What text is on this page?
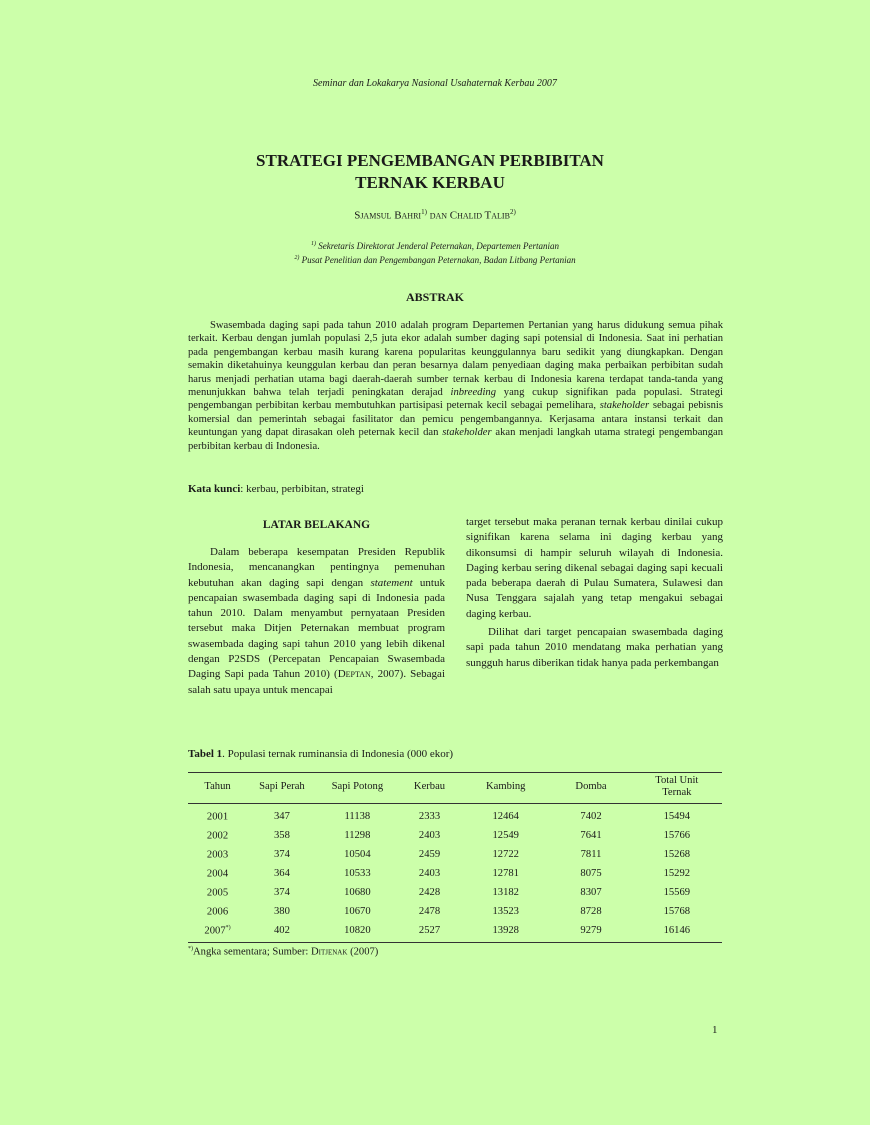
Seminar dan Lokakarya Nasional Usahaternak Kerbau 2007
STRATEGI PENGEMBANGAN PERBIBITAN
TERNAK KERBAU
Sjamsul Bahri$^{1)}$ dan Chalid Talib$^{2)}$
$^{1)}$ Sekretaris Direktorat Jenderal Peternakan, Departemen Pertanian
$^{2)}$ Pusat Penelitian dan Pengembangan Peternakan, Badan Litbang Pertanian
ABSTRAK

Swasembada daging sapi pada tahun 2010 adalah program Departemen Pertanian yang harus didukung semua pihak terkait. Kerbau dengan jumlah populasi 2,5 juta ekor adalah sumber daging sapi potensial di Indonesia. Saat ini perhatian pada pengembangan kerbau masih kurang karena popularitas keunggulannya baru sedikit yang diungkapkan. Dengan semakin diketahuinya keunggulan kerbau dan peran besarnya dalam penyediaan daging maka perbaikan perbibitan sudah harus menjadi perhatian utama bagi daerah-daerah sumber ternak kerbau di Indonesia karena terdapat tanda-tanda yang menunjukkan bahwa telah terjadi peningkatan derajad inbreeding yang cukup signifikan pada populasi. Strategi pengembangan perbibitan kerbau membutuhkan partisipasi peternak kecil sebagai pemelihara, stakeholder sebagai pebisnis komersial dan pemerintah sebagai fasilitator dan pemicu pengembangannya. Kerjasama antara instansi terkait dan keuntungan yang dapat dirasakan oleh peternak kecil dan stakeholder akan menjadi langkah utama strategi pengembangan perbibitan kerbau di Indonesia.

Kata kunci: kerbau, perbibitan, strategi
LATAR BELAKANG

Dalam beberapa kesempatan Presiden Republik Indonesia, mencanangkan pentingnya pemenuhan kebutuhan akan daging sapi dengan statement untuk pencapaian swasembada daging sapi di Indonesia pada tahun 2010. Dalam menyambut pernyataan Presiden tersebut maka Ditjen Peternakan membuat program swasembada daging sapi tahun 2010 yang lebih dikenal dengan P2SDS (Percepatan Pencapaian Swasembada Daging Sapi pada Tahun 2010) (Deptan, 2007). Sebagai salah satu upaya untuk mencapai

target tersebut maka peranan ternak kerbau dinilai cukup signifikan karena selama ini daging kerbau yang dikonsumsi di hampir seluruh wilayah di Indonesia. Daging kerbau sering dikenal sebagai daging sapi kecuali pada beberapa daerah di Pulau Sumatera, Sulawesi dan Nusa Tenggara sajalah yang tetap mengakui sebagai daging kerbau.

Dilihat dari target pencapaian swasembada daging sapi pada tahun 2010 mendatang maka perhatian yang sungguh harus diberikan tidak hanya pada perkembangan

Tabel 1. Populasi ternak ruminansia di Indonesia (000 ekor)
Tahun	Sapi Perah	Sapi Potong	Kerbau	Kambing	Domba	Total Unit Ternak
2001	347	11138	2333	12464	7402	15494
2002	358	11298	2403	12549	7641	15766
2003	374	10504	2459	12722	7811	15268
2004	364	10533	2403	12781	8075	15292
2005	374	10680	2428	13182	8307	15569
2006	380	10670	2478	13523	8728	15768
2007*)	402	10820	2527	13928	9279	16146
*)Angka sementara; Sumber: Ditjenak (2007)
1
